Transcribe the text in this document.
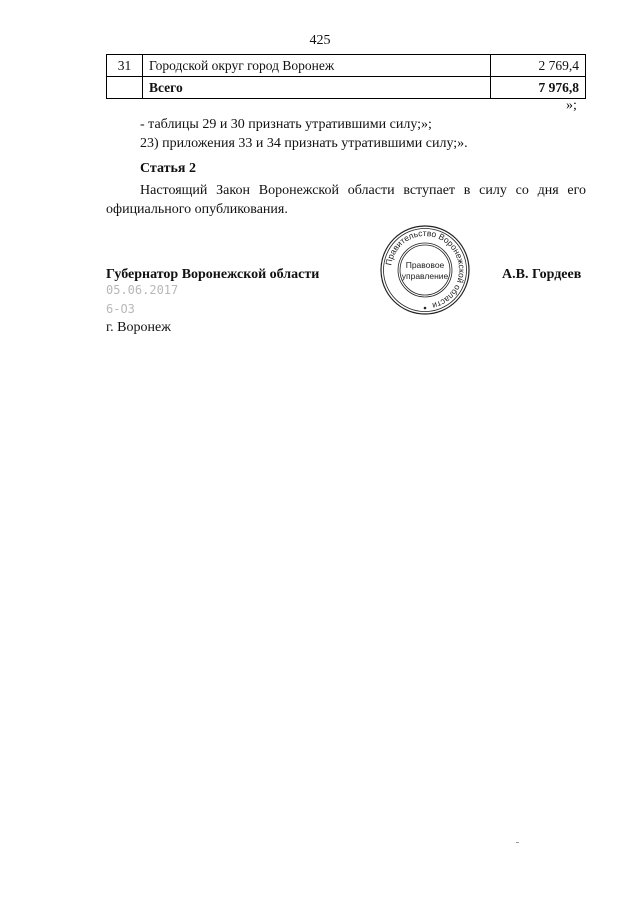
425
31	Городской округ город Воронеж	2 769,4
	Всего	7 976,8
»;
- таблицы 29 и 30 признать утратившими силу;»;
23) приложения 33 и 34 признать утратившими силу;».
Статья 2
Настоящий Закон Воронежской области вступает в силу со дня его официального опубликования.
Губернатор Воронежской области	А.В. Гордеев
05.06.2017
6-ОЗ
г. Воронеж
Правительство Воронежской области
Правовое
управление
